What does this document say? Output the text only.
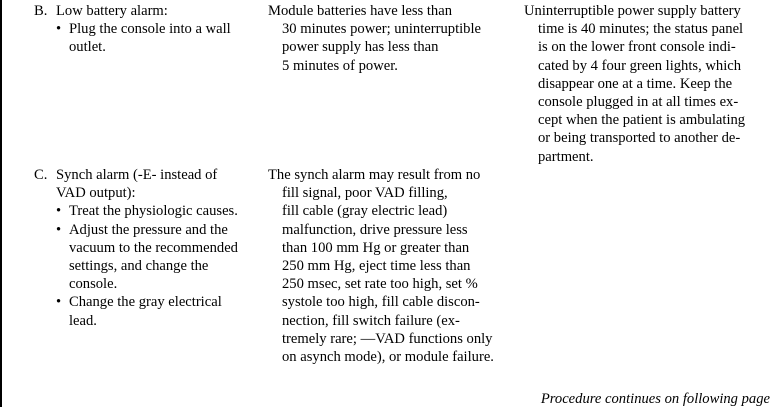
B. Low battery alarm:
• Plug the console into a wall
outlet.
Module batteries have less than
30 minutes power; uninterruptible
power supply has less than
5 minutes of power.
Uninterruptible power supply battery
time is 40 minutes; the status panel
is on the lower front console indi-
cated by 4 four green lights, which
disappear one at a time. Keep the
console plugged in at all times ex-
cept when the patient is ambulating
or being transported to another de-
partment.
C. Synch alarm (-E- instead of
VAD output):
• Treat the physiologic causes.
• Adjust the pressure and the
vacuum to the recommended
settings, and change the
console.
• Change the gray electrical
lead.
The synch alarm may result from no
fill signal, poor VAD filling,
fill cable (gray electric lead)
malfunction, drive pressure less
than 100 mm Hg or greater than
250 mm Hg, eject time less than
250 msec, set rate too high, set %
systole too high, fill cable discon-
nection, fill switch failure (ex-
tremely rare; —VAD functions only
on asynch mode), or module failure.
Procedure continues on following page
